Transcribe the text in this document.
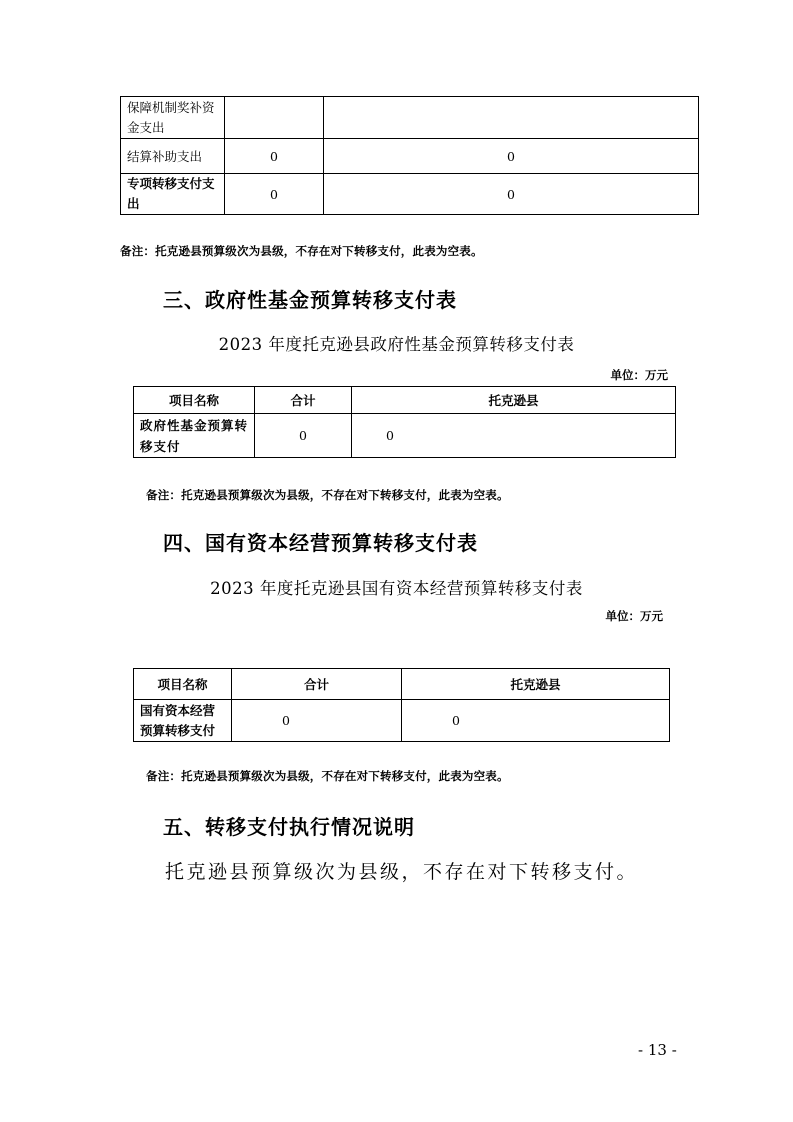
保障机制奖补资金支出		
结算补助支出	0	0
专项转移支付支出	0	0
备注：托克逊县预算级次为县级，不存在对下转移支付，此表为空表。
三、政府性基金预算转移支付表
2023 年度托克逊县政府性基金预算转移支付表
单位：万元
项目名称	合计	托克逊县
政府性基金预算转移支付	0	0
备注：托克逊县预算级次为县级，不存在对下转移支付，此表为空表。
四、国有资本经营预算转移支付表
2023 年度托克逊县国有资本经营预算转移支付表
单位：万元
项目名称	合计	托克逊县
国有资本经营预算转移支付	0	0
备注：托克逊县预算级次为县级，不存在对下转移支付，此表为空表。
五、转移支付执行情况说明
托克逊县预算级次为县级，不存在对下转移支付。
- 13 -
